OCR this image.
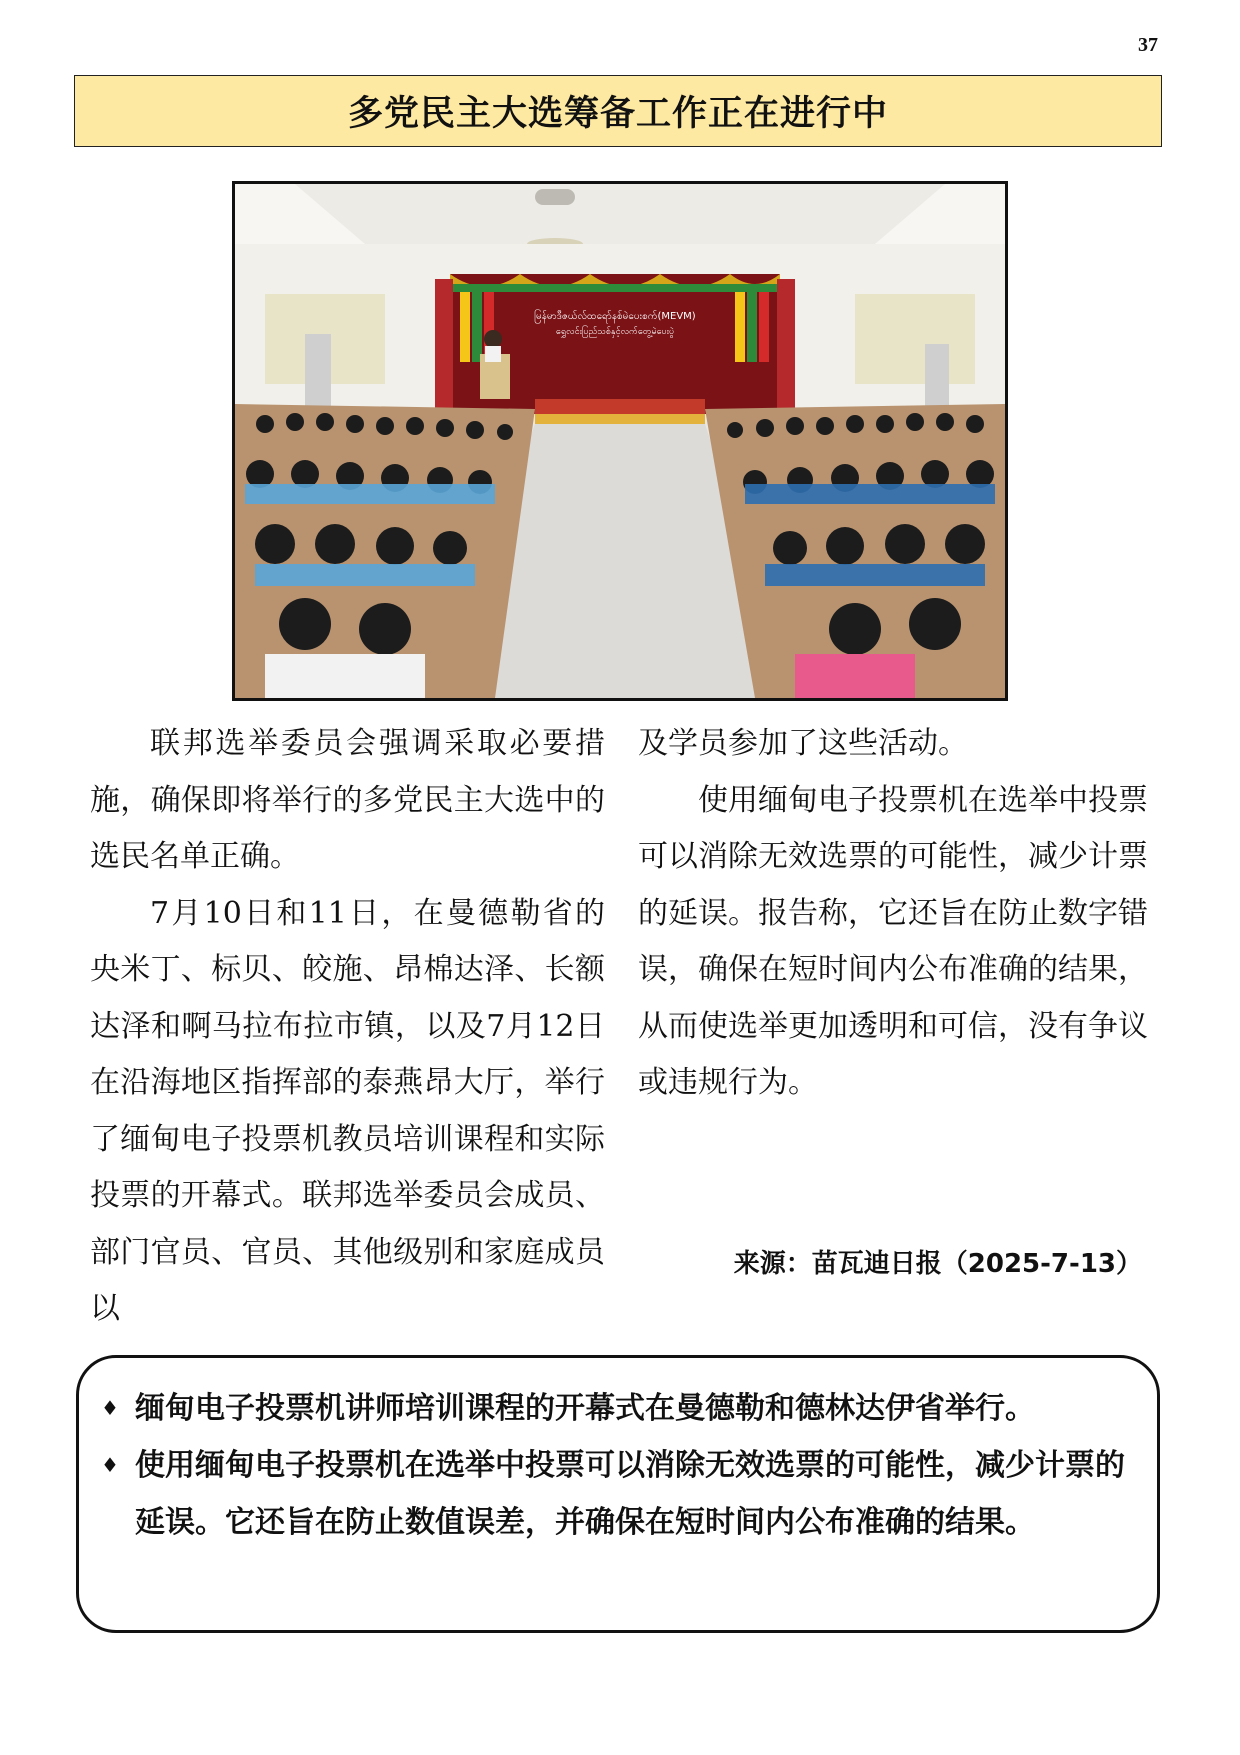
37
多党民主大选筹备工作正在进行中
မြန်မာဒီဇယ်လ်ထရော်နစ်မဲပေးစက်(MEVM)
ရွှေလင်းပြည်သစ်နှင့်လက်တွေ့မဲပေးပွဲ

联邦选举委员会强调采取必要措施，确保即将举行的多党民主大选中的选民名单正确。

7月10日和11日，在曼德勒省的央米丁、标贝、皎施、昂棉达泽、长额达泽和啊马拉布拉市镇，以及7月12日在沿海地区指挥部的泰燕昂大厅，举行了缅甸电子投票机教员培训课程和实际投票的开幕式。联邦选举委员会成员、部门官员、官员、其他级别和家庭成员以

及学员参加了这些活动。

使用缅甸电子投票机在选举中投票可以消除无效选票的可能性，减少计票的延误。报告称，它还旨在防止数字错误，确保在短时间内公布准确的结果，从而使选举更加透明和可信，没有争议或违规行为。

来源：苗瓦迪日报（2025-7-13）
♦ 缅甸电子投票机讲师培训课程的开幕式在曼德勒和德林达伊省举行。
♦ 使用缅甸电子投票机在选举中投票可以消除无效选票的可能性，减少计票的延误。它还旨在防止数值误差，并确保在短时间内公布准确的结果。
